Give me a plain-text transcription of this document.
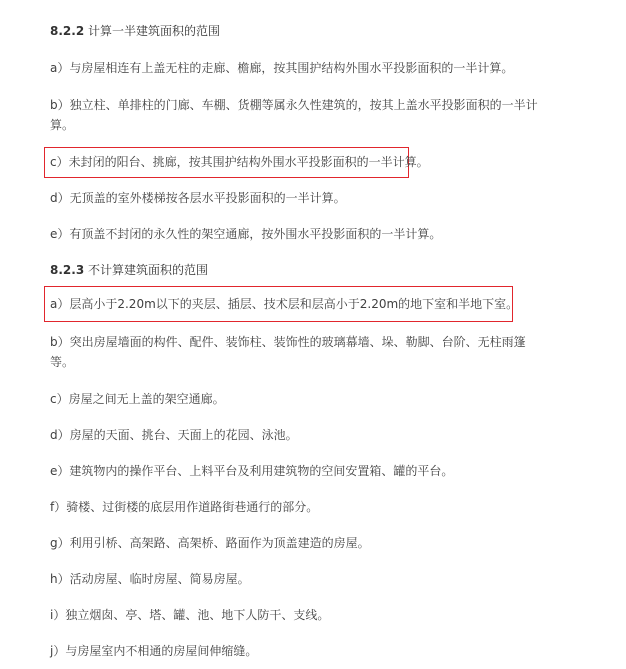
8.2.2 计算一半建筑面积的范围

a）与房屋相连有上盖无柱的走廊、檐廊，按其围护结构外围水平投影面积的一半计算。

b）独立柱、单排柱的门廊、车棚、货棚等属永久性建筑的，按其上盖水平投影面积的一半计

算。

c）未封闭的阳台、挑廊，按其围护结构外围水平投影面积的一半计算。

d）无顶盖的室外楼梯按各层水平投影面积的一半计算。

e）有顶盖不封闭的永久性的架空通廊，按外围水平投影面积的一半计算。

8.2.3 不计算建筑面积的范围

a）层高小于2.20m以下的夹层、插层、技术层和层高小于2.20m的地下室和半地下室。

b）突出房屋墙面的构件、配件、装饰柱、装饰性的玻璃幕墙、垛、勒脚、台阶、无柱雨篷

等。

c）房屋之间无上盖的架空通廊。

d）房屋的天面、挑台、天面上的花园、泳池。

e）建筑物内的操作平台、上料平台及利用建筑物的空间安置箱、罐的平台。

f）骑楼、过街楼的底层用作道路街巷通行的部分。

g）利用引桥、高架路、高架桥、路面作为顶盖建造的房屋。

h）活动房屋、临时房屋、简易房屋。

i）独立烟囱、亭、塔、罐、池、地下人防干、支线。

j）与房屋室内不相通的房屋间伸缩缝。
